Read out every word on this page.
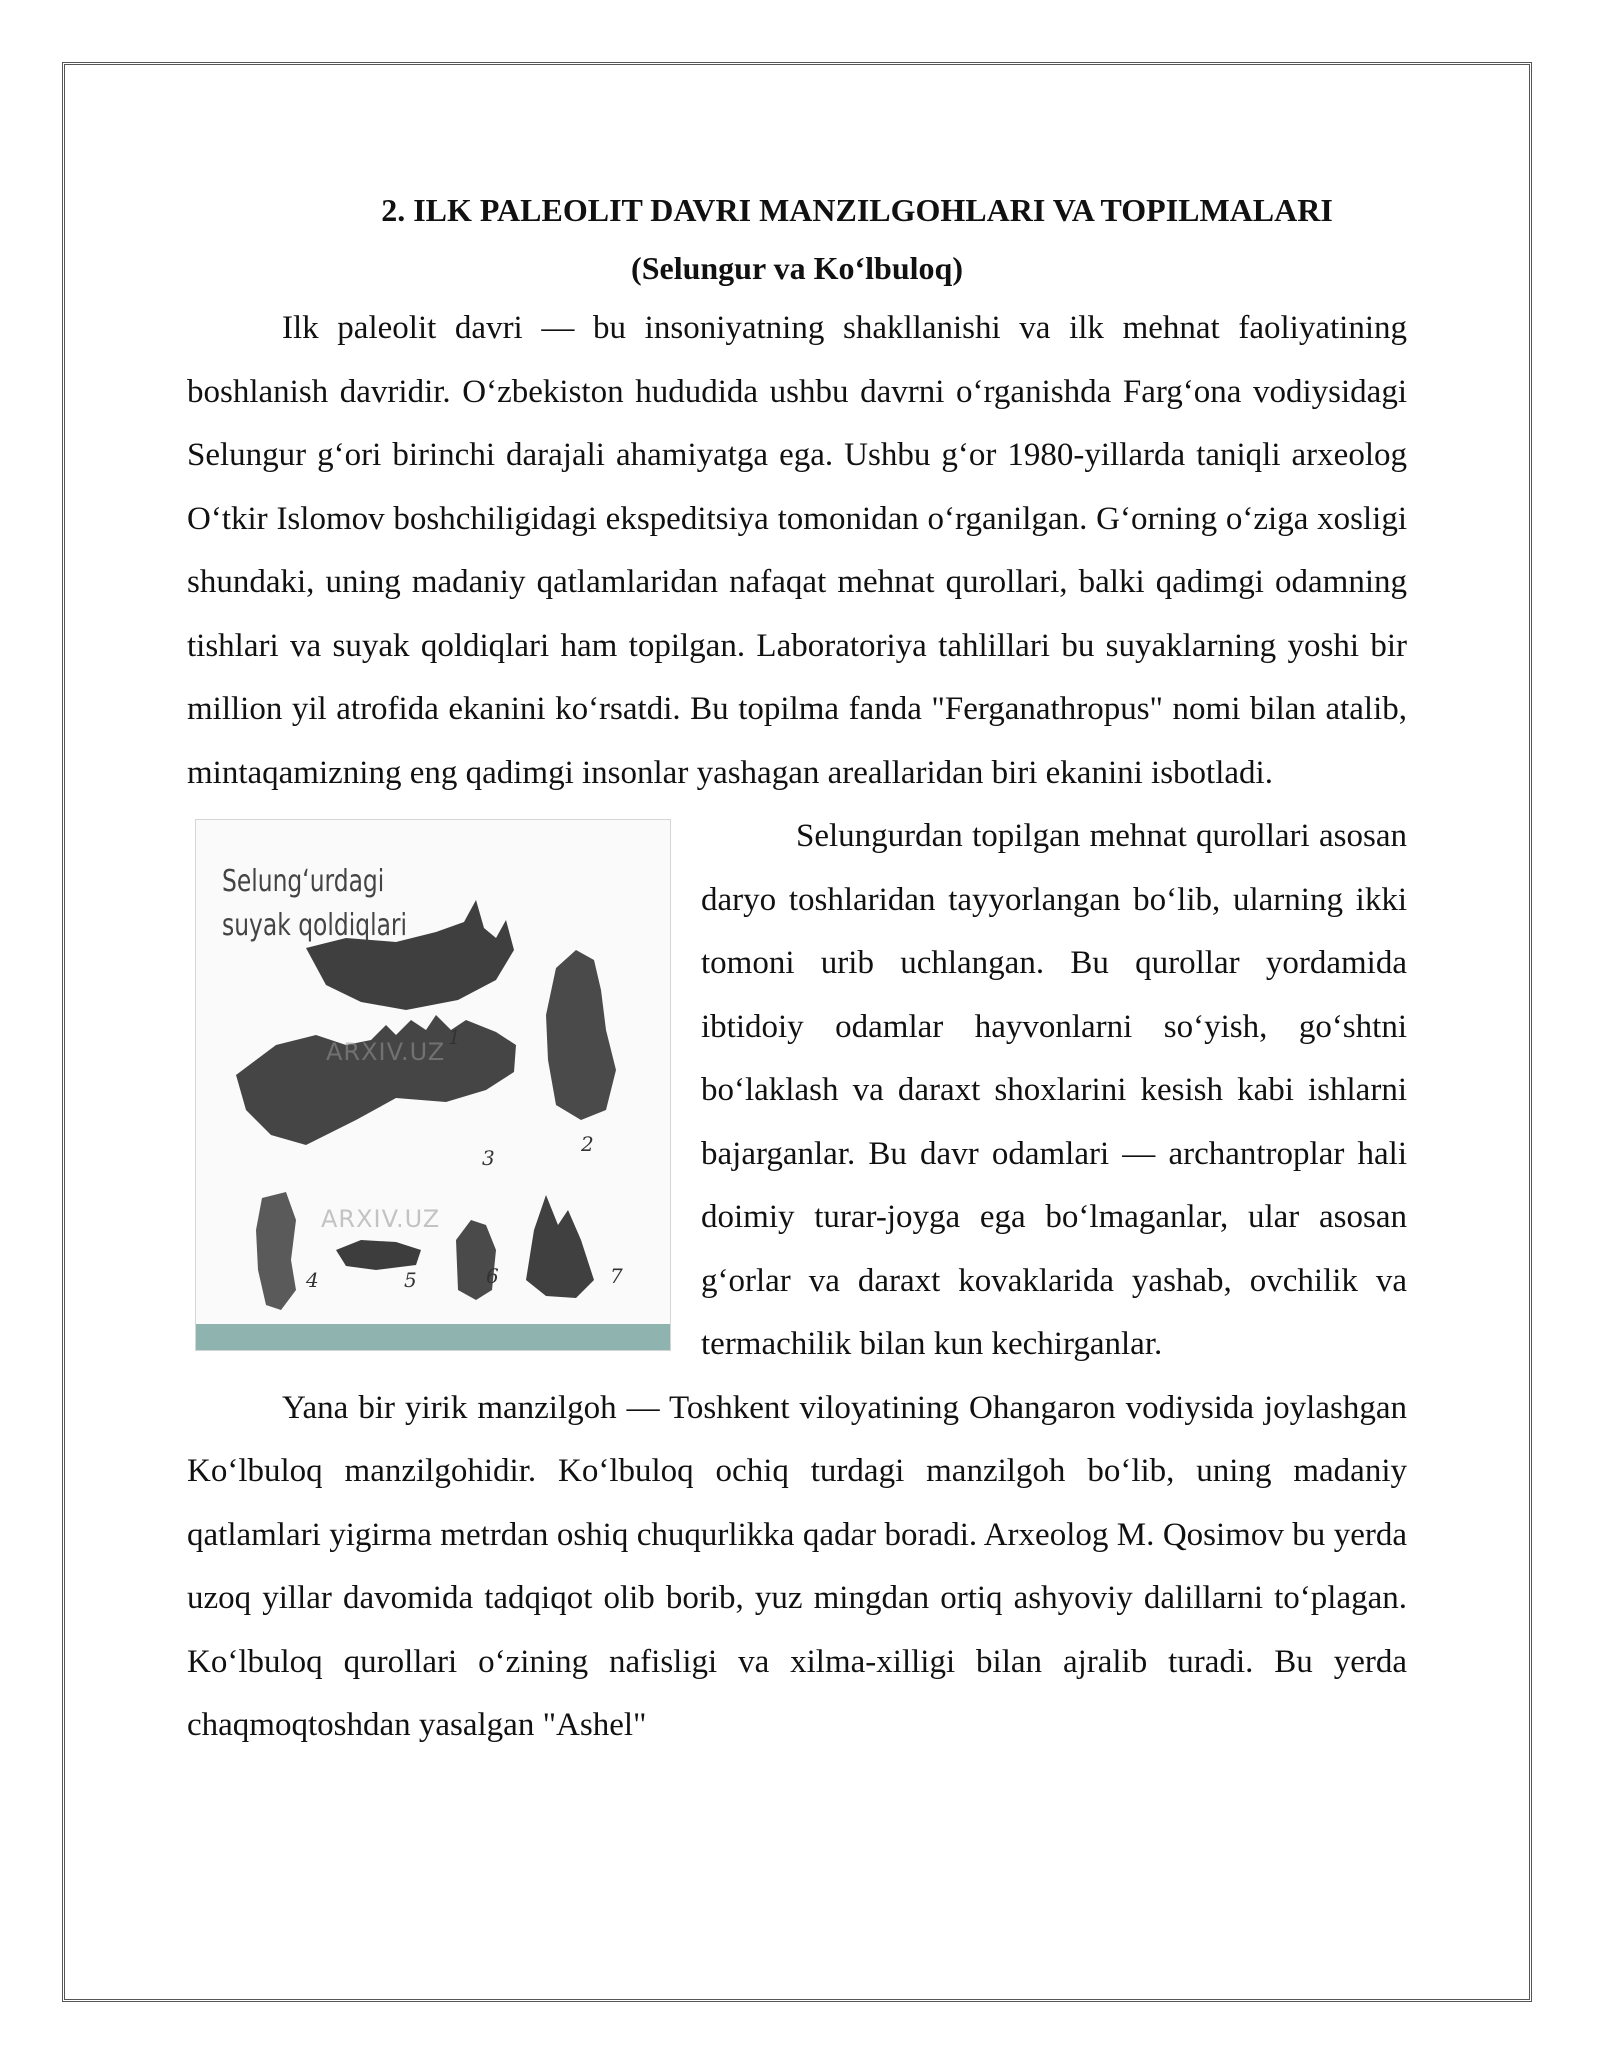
2. ILK PALEOLIT DAVRI MANZILGOHLARI VA TOPILMALARI
(Selungur va Koʻlbuloq)

Ilk paleolit davri — bu insoniyatning shakllanishi va ilk mehnat faoliyatining boshlanish davridir. Oʻzbekiston hududida ushbu davrni oʻrganishda Fargʻona vodiysidagi Selungur gʻori birinchi darajali ahamiyatga ega. Ushbu gʻor 1980-yillarda taniqli arxeolog Oʻtkir Islomov boshchiligidagi ekspeditsiya tomonidan oʻrganilgan. Gʻorning oʻziga xosligi shundaki, uning madaniy qatlamlaridan nafaqat mehnat qurollari, balki qadimgi odamning tishlari va suyak qoldiqlari ham topilgan. Laboratoriya tahlillari bu suyaklarning yoshi bir million yil atrofida ekanini koʻrsatdi. Bu topilma fanda "Ferganathropus" nomi bilan atalib, mintaqamizning eng qadimgi insonlar yashagan areallaridan biri ekanini isbotladi.

Selungʻurdagi suyak qoldiqlari
ARXIV.UZ
ARXIV.UZ
1
2
3
4	5	6	7

Selungurdan topilgan mehnat qurollari asosan daryo toshlaridan tayyorlangan boʻlib, ularning ikki tomoni urib uchlangan. Bu qurollar yordamida ibtidoiy odamlar hayvonlarni soʻyish, goʻshtni boʻlaklash va daraxt shoxlarini kesish kabi ishlarni bajarganlar. Bu davr odamlari — archantroplar hali doimiy turar-joyga ega boʻlmaganlar, ular asosan gʻorlar va daraxt kovaklarida yashab, ovchilik va termachilik bilan kun kechirganlar.

Yana bir yirik manzilgoh — Toshkent viloyatining Ohangaron vodiysida joylashgan Koʻlbuloq manzilgohidir. Koʻlbuloq ochiq turdagi manzilgoh boʻlib, uning madaniy qatlamlari yigirma metrdan oshiq chuqurlikka qadar boradi. Arxeolog M. Qosimov bu yerda uzoq yillar davomida tadqiqot olib borib, yuz mingdan ortiq ashyoviy dalillarni toʻplagan. Koʻlbuloq qurollari oʻzining nafisligi va xilma-xilligi bilan ajralib turadi. Bu yerda chaqmoqtoshdan yasalgan "Ashel"
